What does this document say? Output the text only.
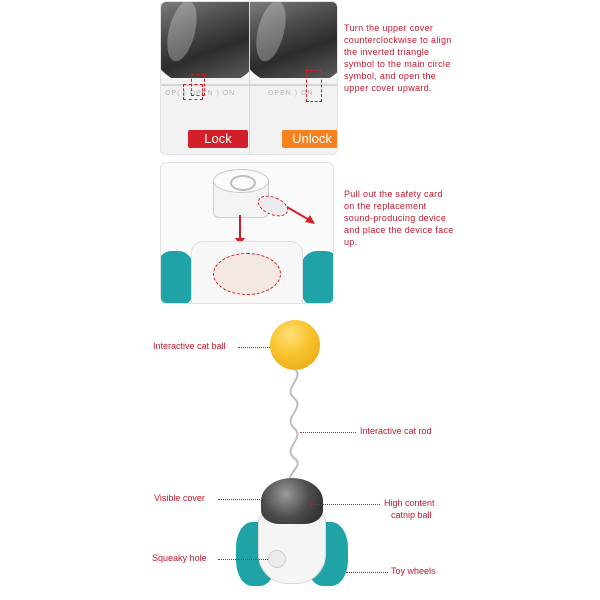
OP( ) OPEN ) ON
Lock
OPEN ) ON
Unlock
Turn the upper cover counterclockwise to align the inverted triangle symbol to the main circle symbol, and open the upper cover upward.
Pull out the safety card on the replacement sound-producing device and place the device face up.
Interactive cat ball
Interactive cat rod
Visible cover	High content
catnip ball
Squeaky hole
Toy wheels
